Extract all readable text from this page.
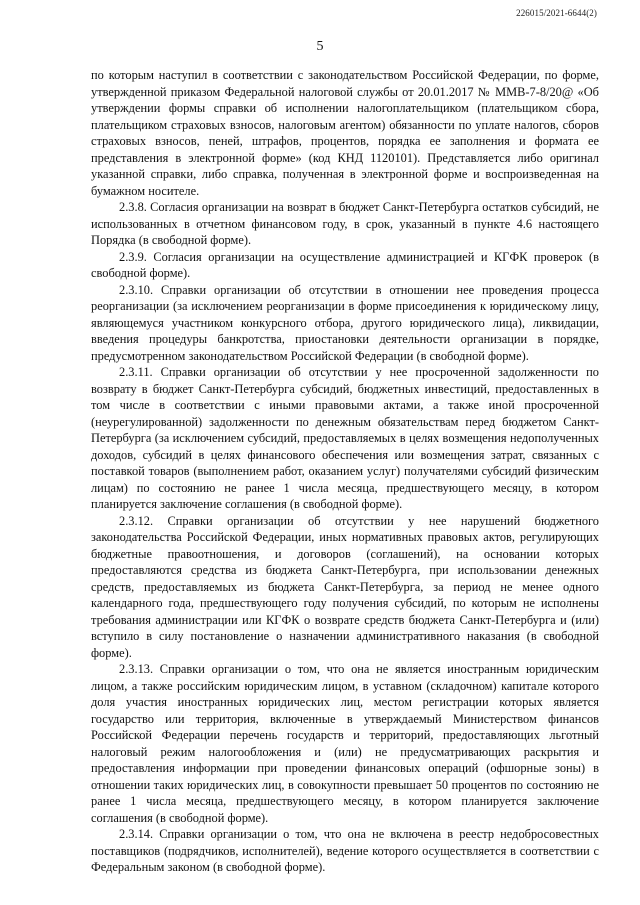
226015/2021-6644(2)
5

по которым наступил в соответствии с законодательством Российской Федерации, по форме, утвержденной приказом Федеральной налоговой службы от 20.01.2017 № ММВ-7-8/20@ «Об утверждении формы справки об исполнении налогоплательщиком (плательщиком сбора, плательщиком страховых взносов, налоговым агентом) обязанности по уплате налогов, сборов страховых взносов, пеней, штрафов, процентов, порядка ее заполнения и формата ее представления в электронной форме» (код КНД 1120101). Представляется либо оригинал указанной справки, либо справка, полученная в электронной форме и воспроизведенная на бумажном носителе.

2.3.8. Согласия организации на возврат в бюджет Санкт-Петербурга остатков субсидий, не использованных в отчетном финансовом году, в срок, указанный в пункте 4.6 настоящего Порядка (в свободной форме).

2.3.9. Согласия организации на осуществление администрацией и КГФК проверок (в свободной форме).

2.3.10. Справки организации об отсутствии в отношении нее проведения процесса реорганизации (за исключением реорганизации в форме присоединения к юридическому лицу, являющемуся участником конкурсного отбора, другого юридического лица), ликвидации, введения процедуры банкротства, приостановки деятельности организации в порядке, предусмотренном законодательством Российской Федерации (в свободной форме).

2.3.11. Справки организации об отсутствии у нее просроченной задолженности по возврату в бюджет Санкт-Петербурга субсидий, бюджетных инвестиций, предоставленных в том числе в соответствии с иными правовыми актами, а также иной просроченной (неурегулированной) задолженности по денежным обязательствам перед бюджетом Санкт-Петербурга (за исключением субсидий, предоставляемых в целях возмещения недополученных доходов, субсидий в целях финансового обеспечения или возмещения затрат, связанных с поставкой товаров (выполнением работ, оказанием услуг) получателями субсидий физическим лицам) по состоянию не ранее 1 числа месяца, предшествующего месяцу, в котором планируется заключение соглашения (в свободной форме).

2.3.12. Справки организации об отсутствии у нее нарушений бюджетного законодательства Российской Федерации, иных нормативных правовых актов, регулирующих бюджетные правоотношения, и договоров (соглашений), на основании которых предоставляются средства из бюджета Санкт-Петербурга, при использовании денежных средств, предоставляемых из бюджета Санкт-Петербурга, за период не менее одного календарного года, предшествующего году получения субсидий, по которым не исполнены требования администрации или КГФК о возврате средств бюджета Санкт-Петербурга и (или) вступило в силу постановление о назначении административного наказания (в свободной форме).

2.3.13. Справки организации о том, что она не является иностранным юридическим лицом, а также российским юридическим лицом, в уставном (складочном) капитале которого доля участия иностранных юридических лиц, местом регистрации которых является государство или территория, включенные в утверждаемый Министерством финансов Российской Федерации перечень государств и территорий, предоставляющих льготный налоговый режим налогообложения и (или) не предусматривающих раскрытия и предоставления информации при проведении финансовых операций (офшорные зоны) в отношении таких юридических лиц, в совокупности превышает 50 процентов по состоянию не ранее 1 числа месяца, предшествующего месяцу, в котором планируется заключение соглашения (в свободной форме).

2.3.14. Справки организации о том, что она не включена в реестр недобросовестных поставщиков (подрядчиков, исполнителей), ведение которого осуществляется в соответствии с Федеральным законом (в свободной форме).
